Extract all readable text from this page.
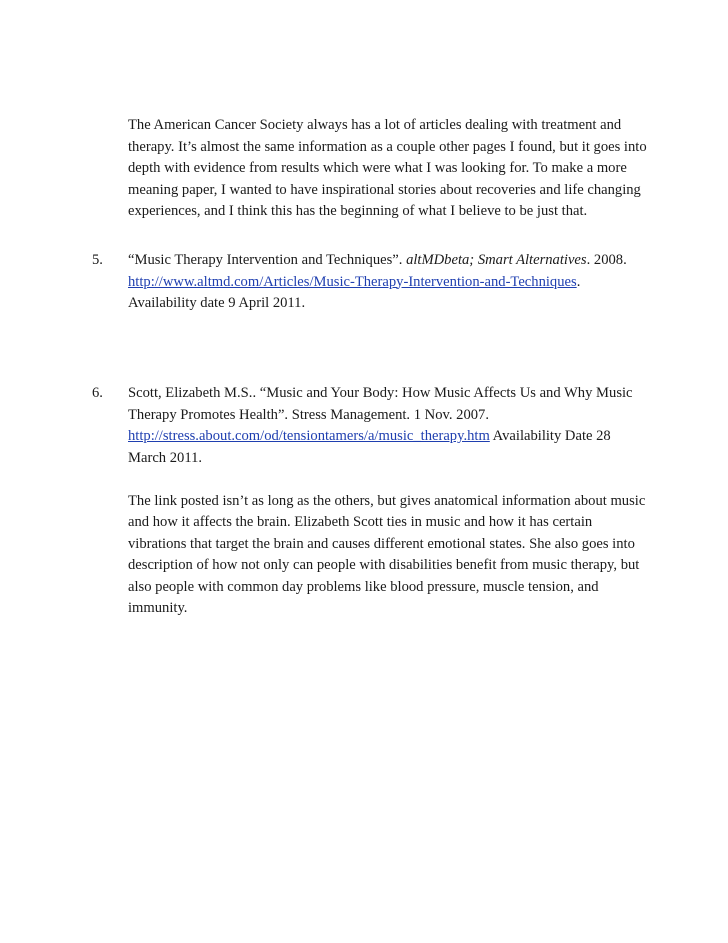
The American Cancer Society always has a lot of articles dealing with treatment and
therapy. It’s almost the same information as a couple other pages I found, but it goes into
depth with evidence from results which were what I was looking for. To make a more
meaning paper, I wanted to have inspirational stories about recoveries and life changing
experiences, and I think this has the beginning of what I believe to be just that.
5.	“Music Therapy Intervention and Techniques”. altMDbeta; Smart Alternatives. 2008.
http://www.altmd.com/Articles/Music-Therapy-Intervention-and-Techniques.
Availability date 9 April 2011.
6.	Scott, Elizabeth M.S.. “Music and Your Body: How Music Affects Us and Why Music
Therapy Promotes Health”. Stress Management. 1 Nov. 2007.
http://stress.about.com/od/tensiontamers/a/music_therapy.htm Availability Date 28
March 2011.
The link posted isn’t as long as the others, but gives anatomical information about music
and how it affects the brain. Elizabeth Scott ties in music and how it has certain
vibrations that target the brain and causes different emotional states. She also goes into
description of how not only can people with disabilities benefit from music therapy, but
also people with common day problems like blood pressure, muscle tension, and
immunity.
